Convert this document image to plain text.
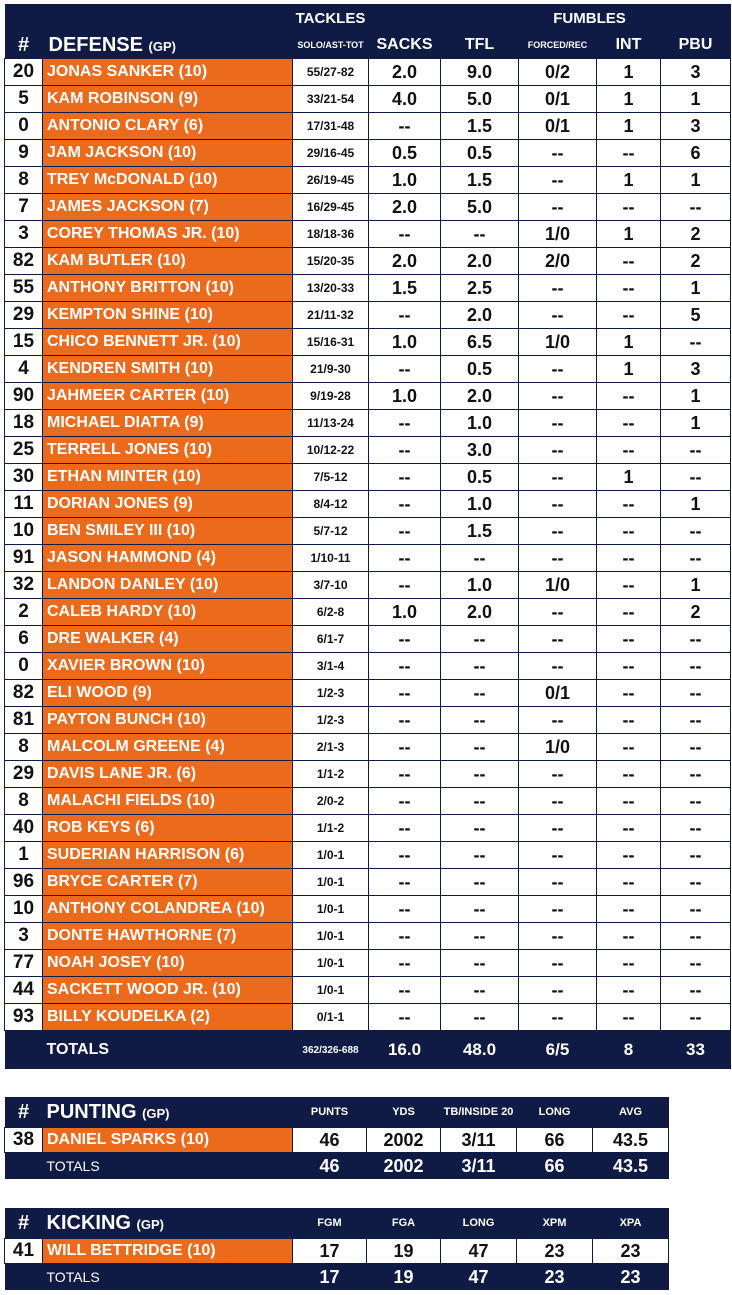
		TACKLES			FUMBLES		
#	DEFENSE (GP)	SOLO/AST-TOT	SACKS	TFL	FORCED/REC	INT	PBU
20	JONAS SANKER (10)	55/27-82	2.0	9.0	0/2	1	3
5	KAM ROBINSON (9)	33/21-54	4.0	5.0	0/1	1	1
0	ANTONIO CLARY (6)	17/31-48	--	1.5	0/1	1	3
9	JAM JACKSON (10)	29/16-45	0.5	0.5	--	--	6
8	TREY McDONALD (10)	26/19-45	1.0	1.5	--	1	1
7	JAMES JACKSON (7)	16/29-45	2.0	5.0	--	--	--
3	COREY THOMAS JR. (10)	18/18-36	--	--	1/0	1	2
82	KAM BUTLER (10)	15/20-35	2.0	2.0	2/0	--	2
55	ANTHONY BRITTON (10)	13/20-33	1.5	2.5	--	--	1
29	KEMPTON SHINE (10)	21/11-32	--	2.0	--	--	5
15	CHICO BENNETT JR. (10)	15/16-31	1.0	6.5	1/0	1	--
4	KENDREN SMITH (10)	21/9-30	--	0.5	--	1	3
90	JAHMEER CARTER (10)	9/19-28	1.0	2.0	--	--	1
18	MICHAEL DIATTA (9)	11/13-24	--	1.0	--	--	1
25	TERRELL JONES (10)	10/12-22	--	3.0	--	--	--
30	ETHAN MINTER (10)	7/5-12	--	0.5	--	1	--
11	DORIAN JONES (9)	8/4-12	--	1.0	--	--	1
10	BEN SMILEY III (10)	5/7-12	--	1.5	--	--	--
91	JASON HAMMOND (4)	1/10-11	--	--	--	--	--
32	LANDON DANLEY (10)	3/7-10	--	1.0	1/0	--	1
2	CALEB HARDY (10)	6/2-8	1.0	2.0	--	--	2
6	DRE WALKER (4)	6/1-7	--	--	--	--	--
0	XAVIER BROWN (10)	3/1-4	--	--	--	--	--
82	ELI WOOD (9)	1/2-3	--	--	0/1	--	--
81	PAYTON BUNCH (10)	1/2-3	--	--	--	--	--
8	MALCOLM GREENE (4)	2/1-3	--	--	1/0	--	--
29	DAVIS LANE JR. (6)	1/1-2	--	--	--	--	--
8	MALACHI FIELDS (10)	2/0-2	--	--	--	--	--
40	ROB KEYS (6)	1/1-2	--	--	--	--	--
1	SUDERIAN HARRISON (6)	1/0-1	--	--	--	--	--
96	BRYCE CARTER (7)	1/0-1	--	--	--	--	--
10	ANTHONY COLANDREA (10)	1/0-1	--	--	--	--	--
3	DONTE HAWTHORNE (7)	1/0-1	--	--	--	--	--
77	NOAH JOSEY (10)	1/0-1	--	--	--	--	--
44	SACKETT WOOD JR. (10)	1/0-1	--	--	--	--	--
93	BILLY KOUDELKA (2)	0/1-1	--	--	--	--	--
	TOTALS	362/326-688	16.0	48.0	6/5	8	33
#	PUNTING (GP)	PUNTS	YDS	TB/INSIDE 20	LONG	AVG
38	DANIEL SPARKS (10)	46	2002	3/11	66	43.5
	TOTALS	46	2002	3/11	66	43.5
#	KICKING (GP)	FGM	FGA	LONG	XPM	XPA
41	WILL BETTRIDGE (10)	17	19	47	23	23
	TOTALS	17	19	47	23	23
